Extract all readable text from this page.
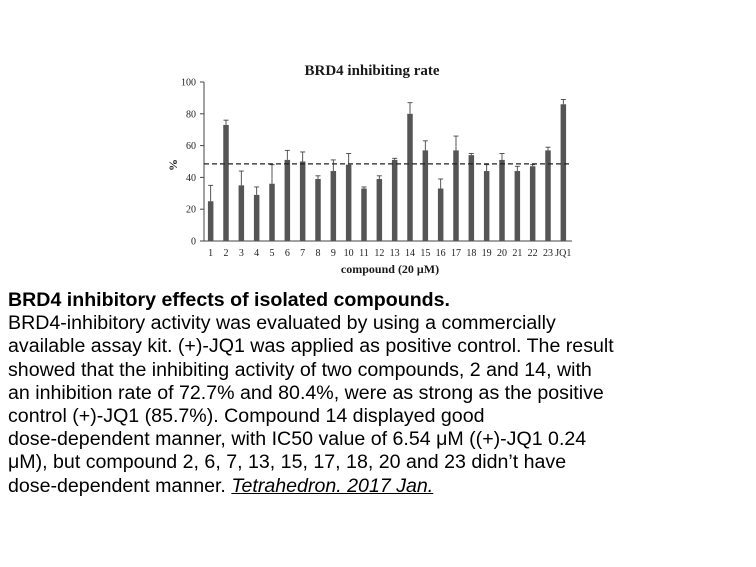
BRD4 inhibiting rate
%
compound (20 μM)
0
20
40
60
80
100
1 2 3 4 5 6 7 8 9 10 11 12 13 14 15 16 17 18 19 20 21 22 23 JQ1
BRD4 inhibitory effects of isolated compounds.
BRD4-inhibitory activity was evaluated by using a commercially
available assay kit. (+)-JQ1 was applied as positive control. The result
showed that the inhibiting activity of two compounds, 2 and 14, with
an inhibition rate of 72.7% and 80.4%, were as strong as the positive
control (+)-JQ1 (85.7%). Compound 14 displayed good
dose-dependent manner, with IC50 value of 6.54 μM ((+)-JQ1 0.24
μM), but compound 2, 6, 7, 13, 15, 17, 18, 20 and 23 didn’t have
dose-dependent manner. Tetrahedron. 2017 Jan.
